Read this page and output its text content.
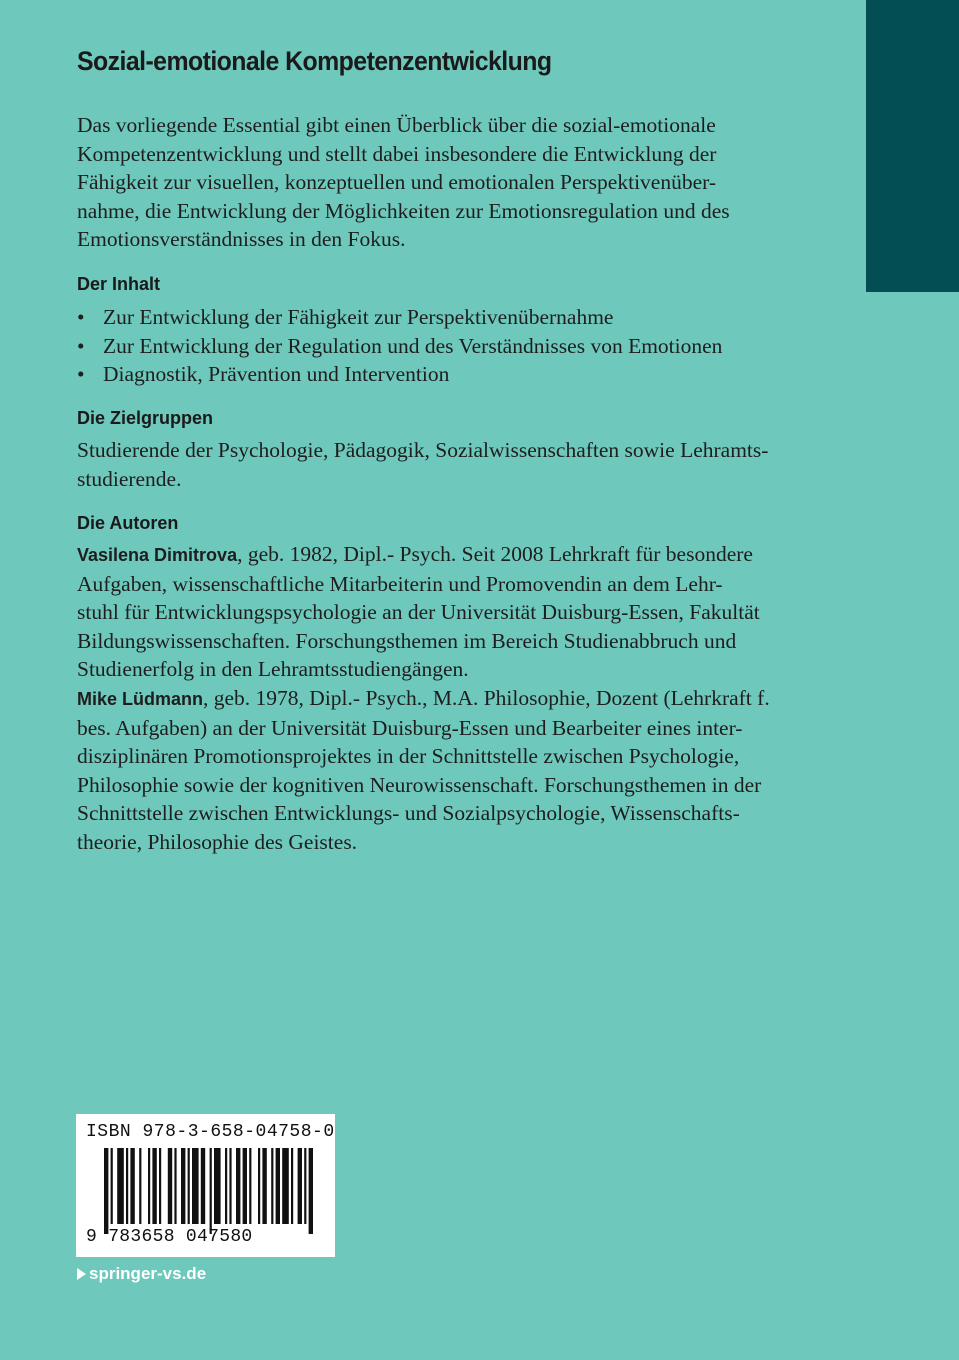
Sozial-emotionale Kompetenzentwicklung

Das vorliegende Essential gibt einen Überblick über die sozial-emotionale
Kompetenzentwicklung und stellt dabei insbesondere die Entwicklung der
Fähigkeit zur visuellen, konzeptuellen und emotionalen Perspektivenüber-
nahme, die Entwicklung der Möglichkeiten zur Emotionsregulation und des
Emotionsverständnisses in den Fokus.

Der Inhalt
• Zur Entwicklung der Fähigkeit zur Perspektivenübernahme
• Zur Entwicklung der Regulation und des Verständnisses von Emotionen
• Diagnostik, Prävention und Intervention
Die Zielgruppen

Studierende der Psychologie, Pädagogik, Sozialwissenschaften sowie Lehramts-
studierende.

Die Autoren

Vasilena Dimitrova, geb. 1982, Dipl.- Psych. Seit 2008 Lehrkraft für besondere
Aufgaben, wissenschaftliche Mitarbeiterin und Promovendin an dem Lehr-
stuhl für Entwicklungspsychologie an der Universität Duisburg-Essen, Fakultät
Bildungswissenschaften. Forschungsthemen im Bereich Studienabbruch und
Studienerfolg in den Lehramtsstudiengängen.
Mike Lüdmann, geb. 1978, Dipl.- Psych., M.A. Philosophie, Dozent (Lehrkraft f.
bes. Aufgaben) an der Universität Duisburg-Essen und Bearbeiter eines inter-
disziplinären Promotionsprojektes in der Schnittstelle zwischen Psychologie,
Philosophie sowie der kognitiven Neurowissenschaft. Forschungsthemen in der
Schnittstelle zwischen Entwicklungs- und Sozialpsychologie, Wissenschafts-
theorie, Philosophie des Geistes.

ISBN 978-3-658-04758-0
9 783658 047580
springer-vs.de
